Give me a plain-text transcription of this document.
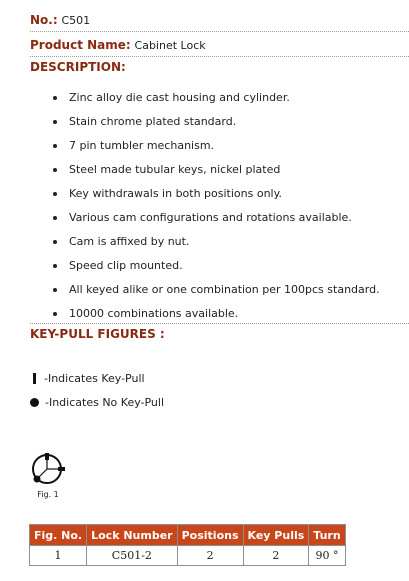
No.: C501
Product Name: Cabinet Lock
DESCRIPTION:
Zinc alloy die cast housing and cylinder.
Stain chrome plated standard.
7 pin tumbler mechanism.
Steel made tubular keys, nickel plated
Key withdrawals in both positions only.
Various cam configurations and rotations available.
Cam is affixed by nut.
Speed clip mounted.
All keyed alike or one combination per 100pcs standard.
10000 combinations available.
KEY-PULL FIGURES :
-Indicates Key-Pull
-Indicates No Key-Pull
Fig. 1
Fig. No.	Lock Number	Positions	Key Pulls	Turn
1	C501-2	2	2	90 °
